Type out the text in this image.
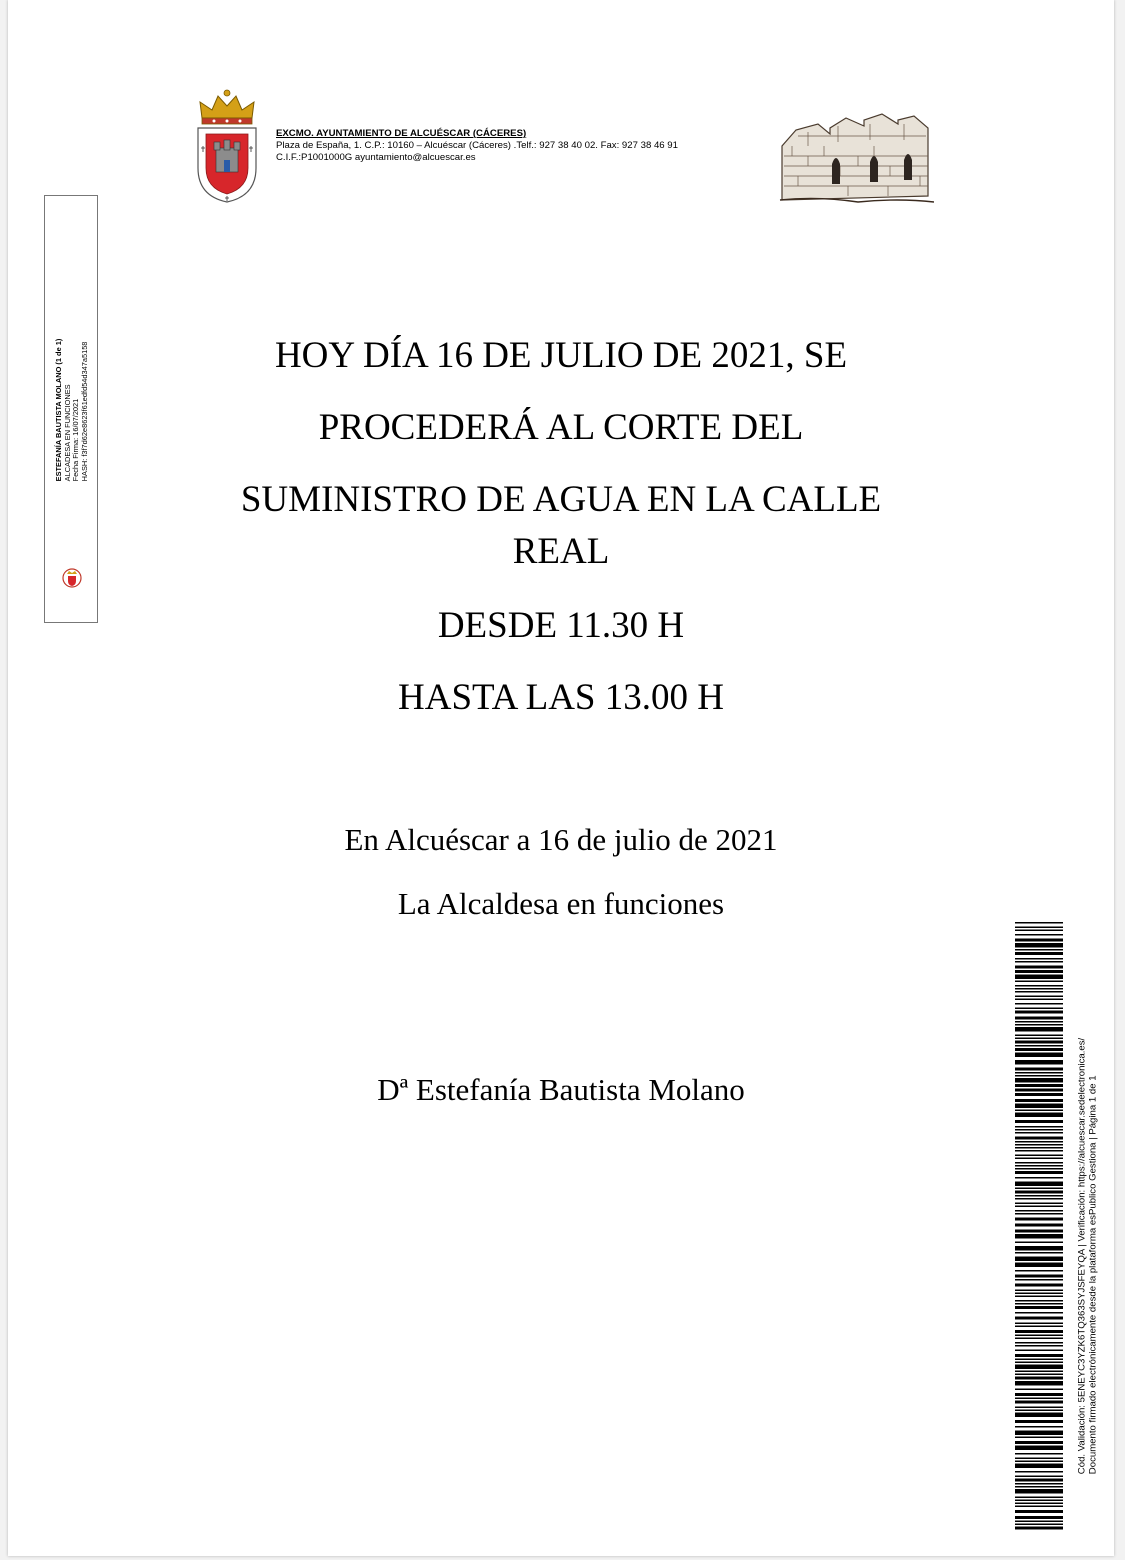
EXCMO. AYUNTAMIENTO DE ALCUÉSCAR (CÁCERES)
Plaza de España, 1. C.P.: 10160 – Alcuéscar (Cáceres) .Telf.: 927 38 40 02. Fax: 927 38 46 91
C.I.F.:P1001000G ayuntamiento@alcuescar.es
ESTEFANÍA BAUTISTA MOLANO (1 de 1) ALCADESA EN FUNCIONES Fecha Firma: 16/07/2021 HASH: f3f7d62e8623f61edfd54d347a5158	HOY DÍA 16 DE JULIO DE 2021, SE

PROCEDERÁ AL CORTE DEL

SUMINISTRO DE AGUA EN LA CALLE REAL

DESDE 11.30 H

HASTA LAS 13.00 H

En Alcuéscar a 16 de julio de 2021
La Alcaldesa en funciones
Dª Estefanía Bautista Molano	Cód. Validación: 5ENEYC3YZK6TQ363SYJSFEYQA | Verificación: https://alcuescar.sedelectronica.es/ Documento firmado electrónicamente desde la plataforma esPublico Gestiona | Página 1 de 1
